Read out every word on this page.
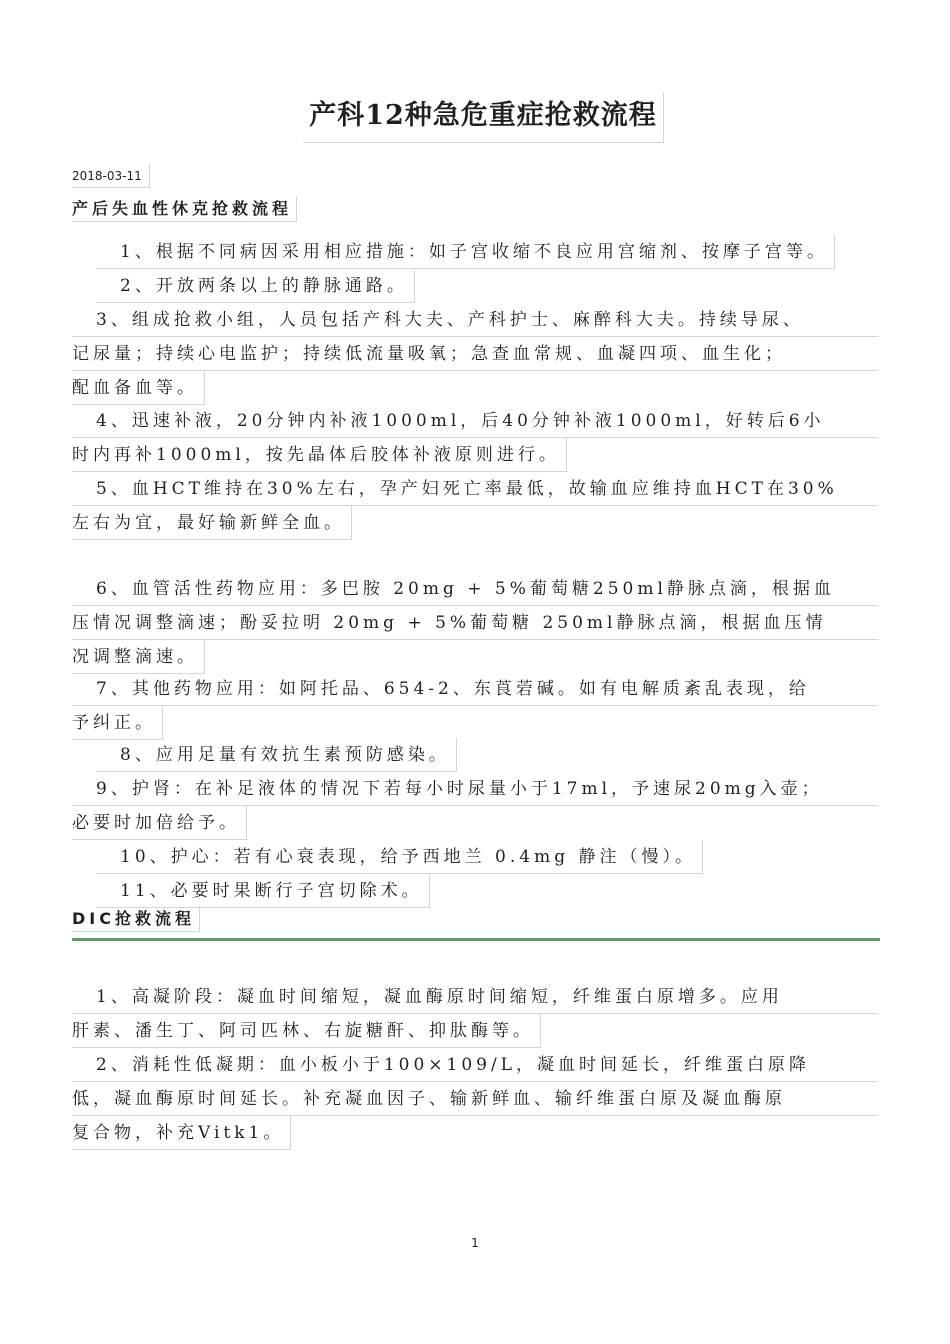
产科12种急危重症抢救流程
2018-03-11
产后失血性休克抢救流程

1、根据不同病因采用相应措施：如子宫收缩不良应用宫缩剂、按摩子宫等。

2、开放两条以上的静脉通路。

3、组成抢救小组，人员包括产科大夫、产科护士、麻醉科大夫。持续导尿、
记尿量；持续心电监护；持续低流量吸氧；急查血常规、血凝四项、血生化；
配血备血等。

4、迅速补液，20分钟内补液1000ml，后40分钟补液1000ml，好转后6小
时内再补1000ml，按先晶体后胶体补液原则进行。

5、血HCT维持在30%左右，孕产妇死亡率最低，故输血应维持血HCT在30%
左右为宜，最好输新鲜全血。

6、血管活性药物应用：多巴胺 20mg + 5%葡萄糖250ml静脉点滴，根据血
压情况调整滴速；酚妥拉明 20mg + 5%葡萄糖 250ml静脉点滴，根据血压情
况调整滴速。

7、其他药物应用：如阿托品、654-2、东莨菪碱。如有电解质紊乱表现，给
予纠正。

8、应用足量有效抗生素预防感染。

9、护肾：在补足液体的情况下若每小时尿量小于17ml，予速尿20mg入壶；
必要时加倍给予。

10、护心：若有心衰表现，给予西地兰 0.4mg 静注（慢）。

11、必要时果断行子宫切除术。

DIC抢救流程

1、高凝阶段：凝血时间缩短，凝血酶原时间缩短，纤维蛋白原增多。应用
肝素、潘生丁、阿司匹林、右旋糖酐、抑肽酶等。

2、消耗性低凝期：血小板小于100×109/L，凝血时间延长，纤维蛋白原降
低，凝血酶原时间延长。补充凝血因子、输新鲜血、输纤维蛋白原及凝血酶原
复合物，补充Vitk1。

1
